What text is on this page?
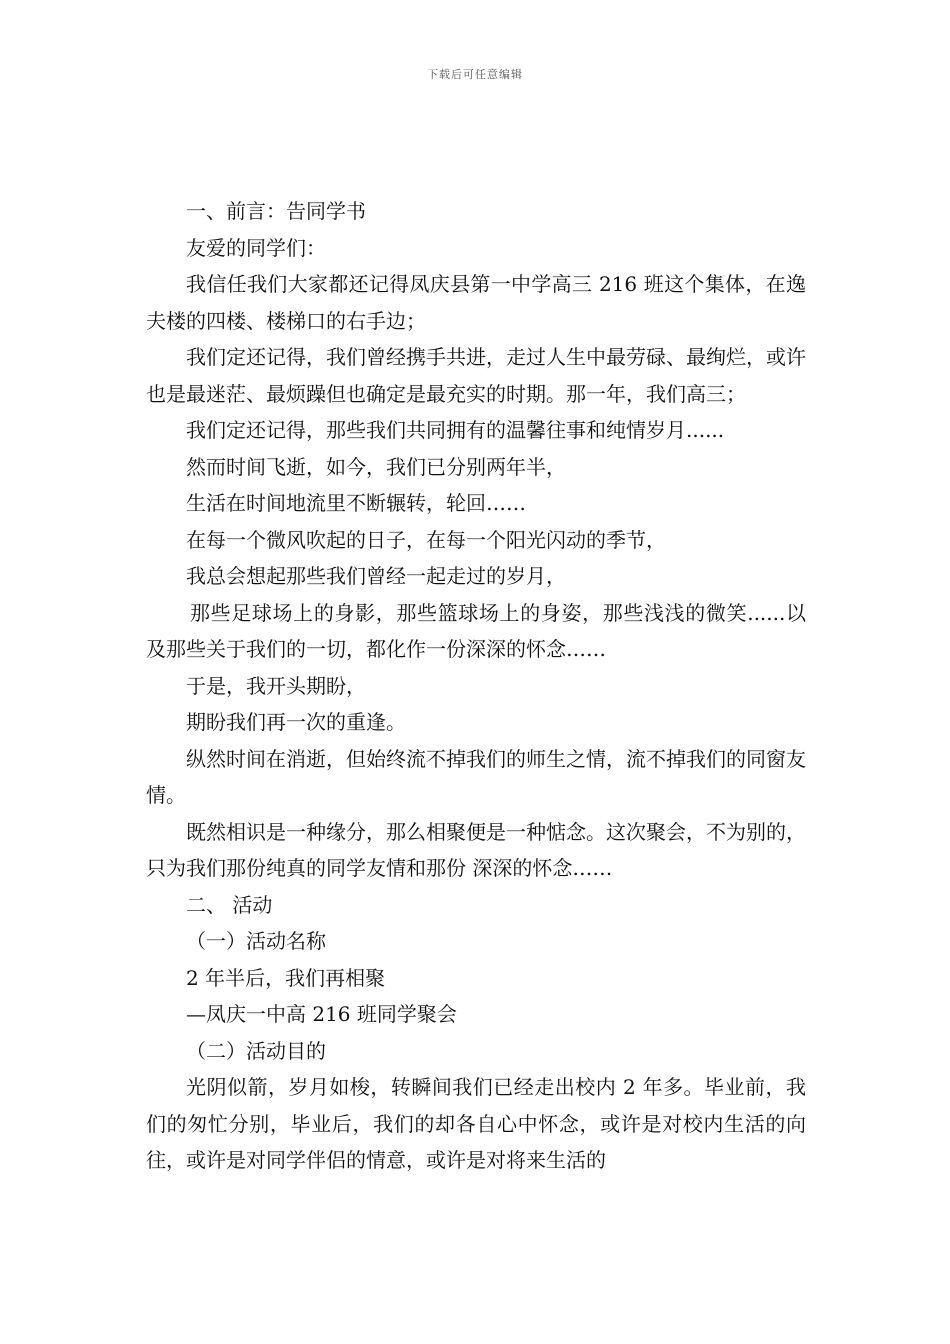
下载后可任意编辑

一、前言：告同学书

友爱的同学们：

我信任我们大家都还记得凤庆县第一中学高三 216 班这个集体，在逸夫楼的四楼、楼梯口的右手边；

我们定还记得，我们曾经携手共进，走过人生中最劳碌、最绚烂，或许也是最迷茫、最烦躁但也确定是最充实的时期。那一年，我们高三；

我们定还记得，那些我们共同拥有的温馨往事和纯情岁月......

然而时间飞逝，如今，我们已分别两年半，

生活在时间地流里不断辗转，轮回……

在每一个微风吹起的日子，在每一个阳光闪动的季节，

我总会想起那些我们曾经一起走过的岁月，

那些足球场上的身影，那些篮球场上的身姿，那些浅浅的微笑......以及那些关于我们的一切，都化作一份深深的怀念……

于是，我开头期盼，

期盼我们再一次的重逢。

纵然时间在消逝，但始终流不掉我们的师生之情，流不掉我们的同窗友情。

既然相识是一种缘分，那么相聚便是一种惦念。这次聚会，不为别的，只为我们那份纯真的同学友情和那份 深深的怀念……

二、 活动

（一）活动名称

2 年半后，我们再相聚

—凤庆一中高 216 班同学聚会

（二）活动目的

光阴似箭，岁月如梭，转瞬间我们已经走出校内 2 年多。毕业前，我们的匆忙分别，毕业后，我们的却各自心中怀念，或许是对校内生活的向往，或许是对同学伴侣的情意，或许是对将来生活的
